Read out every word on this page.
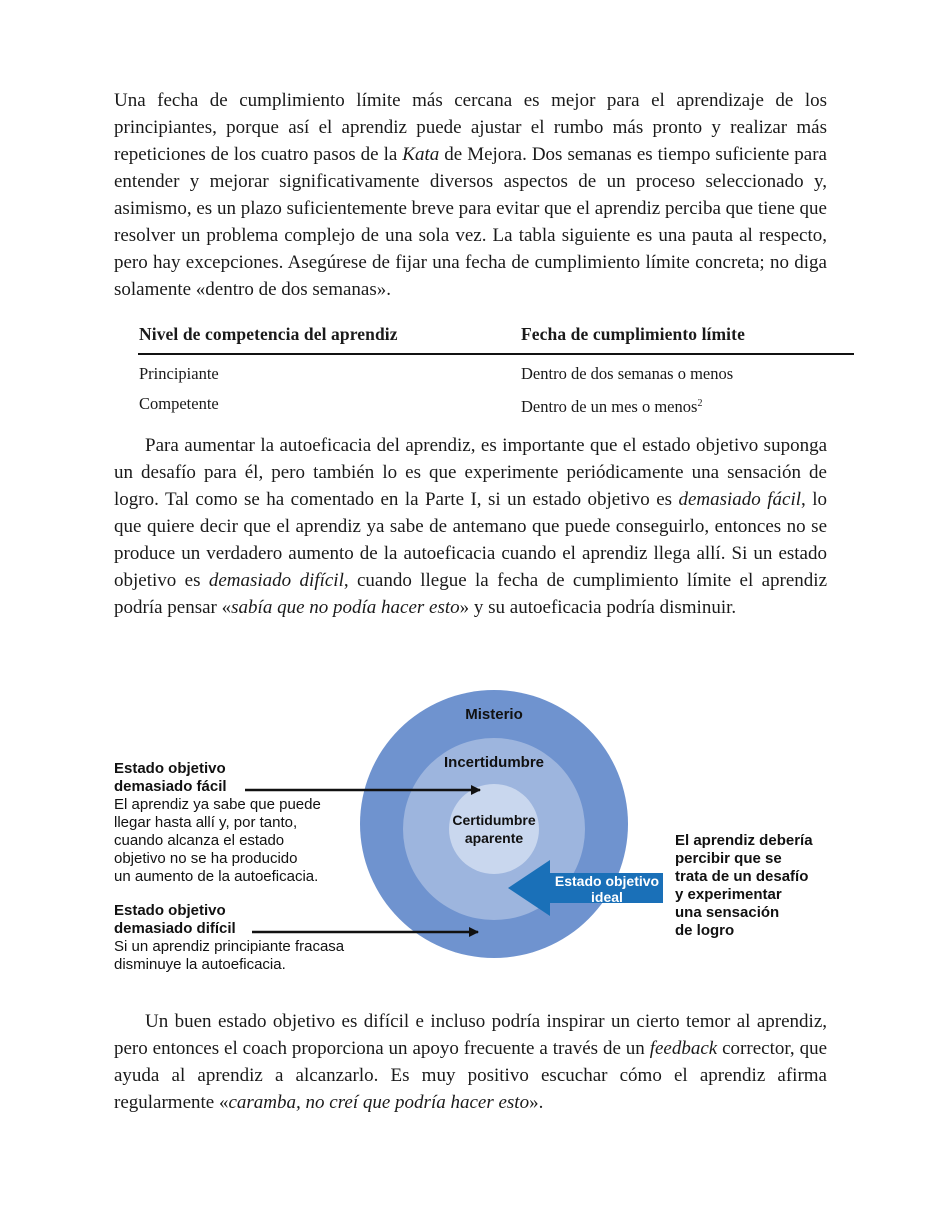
Una fecha de cumplimiento límite más cercana es mejor para el aprendizaje de los principiantes, porque así el aprendiz puede ajustar el rumbo más pronto y realizar más repeticiones de los cuatro pasos de la Kata de Mejora. Dos semanas es tiempo suficiente para entender y mejorar significativamente diversos aspectos de un proceso seleccionado y, asimismo, es un plazo suficientemente breve para evitar que el aprendiz perciba que tiene que resolver un problema complejo de una sola vez. La tabla siguiente es una pauta al respecto, pero hay excepciones. Asegúrese de fijar una fecha de cumplimiento límite concreta; no diga solamente «dentro de dos semanas».

Nivel de competencia del aprendiz	Fecha de cumplimiento límite
Principiante	Dentro de dos semanas o menos
Competente	Dentro de un mes o menos$^2$

Para aumentar la autoeficacia del aprendiz, es importante que el estado objetivo suponga un desafío para él, pero también lo es que experimente periódicamente una sensación de logro. Tal como se ha comentado en la Parte I, si un estado objetivo es demasiado fácil, lo que quiere decir que el aprendiz ya sabe de antemano que puede conseguirlo, entonces no se produce un verdadero aumento de la autoeficacia cuando el aprendiz llega allí. Si un estado objetivo es demasiado difícil, cuando llegue la fecha de cumplimiento límite el aprendiz podría pensar «sabía que no podía hacer esto» y su autoeficacia podría disminuir.

Misterio
Incertidumbre
Certidumbre
aparente
Estado objetivo
ideal
Estado objetivo
demasiado fácil
El aprendiz ya sabe que puede
llegar hasta allí y, por tanto,
cuando alcanza el estado
objetivo no se ha producido
un aumento de la autoeficacia.
Estado objetivo
demasiado difícil
Si un aprendiz principiante fracasa
disminuye la autoeficacia.
El aprendiz debería
percibir que se
trata de un desafío
y experimentar
una sensación
de logro

Un buen estado objetivo es difícil e incluso podría inspirar un cierto temor al aprendiz, pero entonces el coach proporciona un apoyo frecuente a través de un feedback corrector, que ayuda al aprendiz a alcanzarlo. Es muy positivo escuchar cómo el aprendiz afirma regularmente «caramba, no creí que podría hacer esto».
